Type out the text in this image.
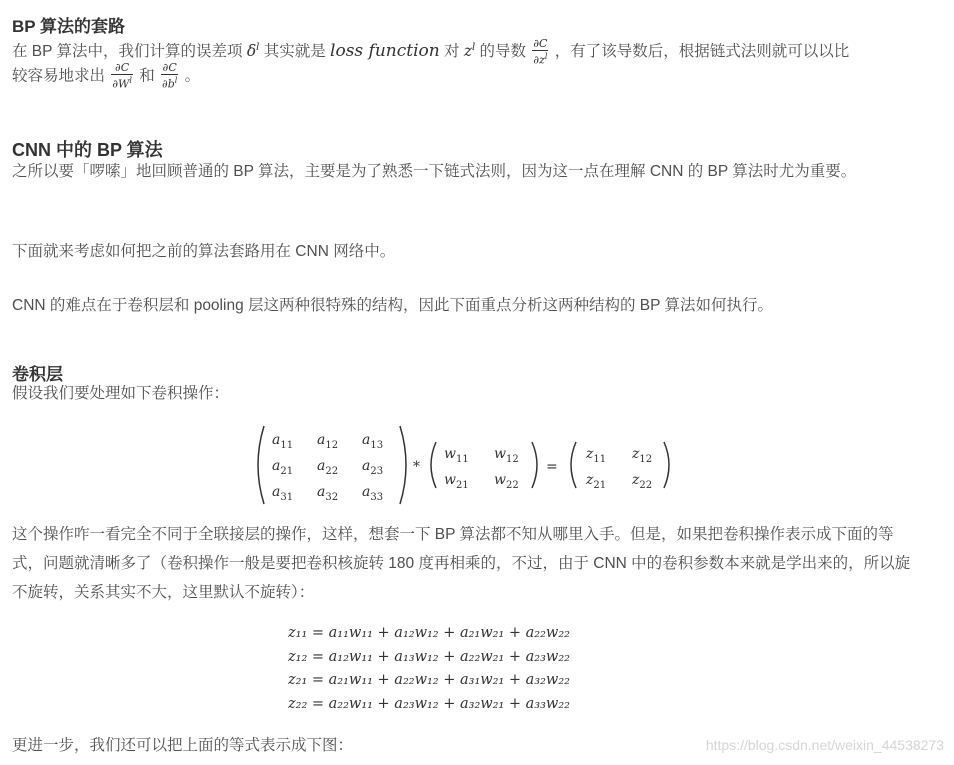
BP 算法的套路
在 BP 算法中，我们计算的误差项 $\delta^l$ 其实就是 loss function 对 $z^l$ 的导数 $\frac{\partial C}{\partial z^l}$ ，有了该导数后，根据链式法则就可以以比
较容易地求出 $\frac{\partial C}{\partial W^l}$ 和 $\frac{\partial C}{\partial b^l}$ 。
CNN 中的 BP 算法
之所以要「啰嗦」地回顾普通的 BP 算法，主要是为了熟悉一下链式法则，因为这一点在理解 CNN 的 BP 算法时尤为重要。
下面就来考虑如何把之前的算法套路用在 CNN 网络中。
CNN 的难点在于卷积层和 pooling 层这两种很特殊的结构，因此下面重点分析这两种结构的 BP 算法如何执行。
卷积层
假设我们要处理如下卷积操作：
$a_{11}$ $a_{12}$ $a_{13}$
$a_{21}$ $a_{22}$ $a_{23}$
$a_{31}$ $a_{32}$ $a_{33}$
*
$w_{11}$ $w_{12}$
$w_{21}$ $w_{22}$
=
$z_{11}$ $z_{12}$
$z_{21}$ $z_{22}$
这个操作咋一看完全不同于全联接层的操作，这样，想套一下 BP 算法都不知从哪里入手。但是，如果把卷积操作表示成下面的等式，问题就清晰多了（卷积操作一般是要把卷积核旋转 180 度再相乘的，不过，由于 CNN 中的卷积参数本来就是学出来的，所以旋不旋转，关系其实不大，这里默认不旋转）：
z₁₁ = a₁₁w₁₁ + a₁₂w₁₂ + a₂₁w₂₁ + a₂₂w₂₂
z₁₂ = a₁₂w₁₁ + a₁₃w₁₂ + a₂₂w₂₁ + a₂₃w₂₂
z₂₁ = a₂₁w₁₁ + a₂₂w₁₂ + a₃₁w₂₁ + a₃₂w₂₂
z₂₂ = a₂₂w₁₁ + a₂₃w₁₂ + a₃₂w₂₁ + a₃₃w₂₂
更进一步，我们还可以把上面的等式表示成下图：	https://blog.csdn.net/weixin_44538273
